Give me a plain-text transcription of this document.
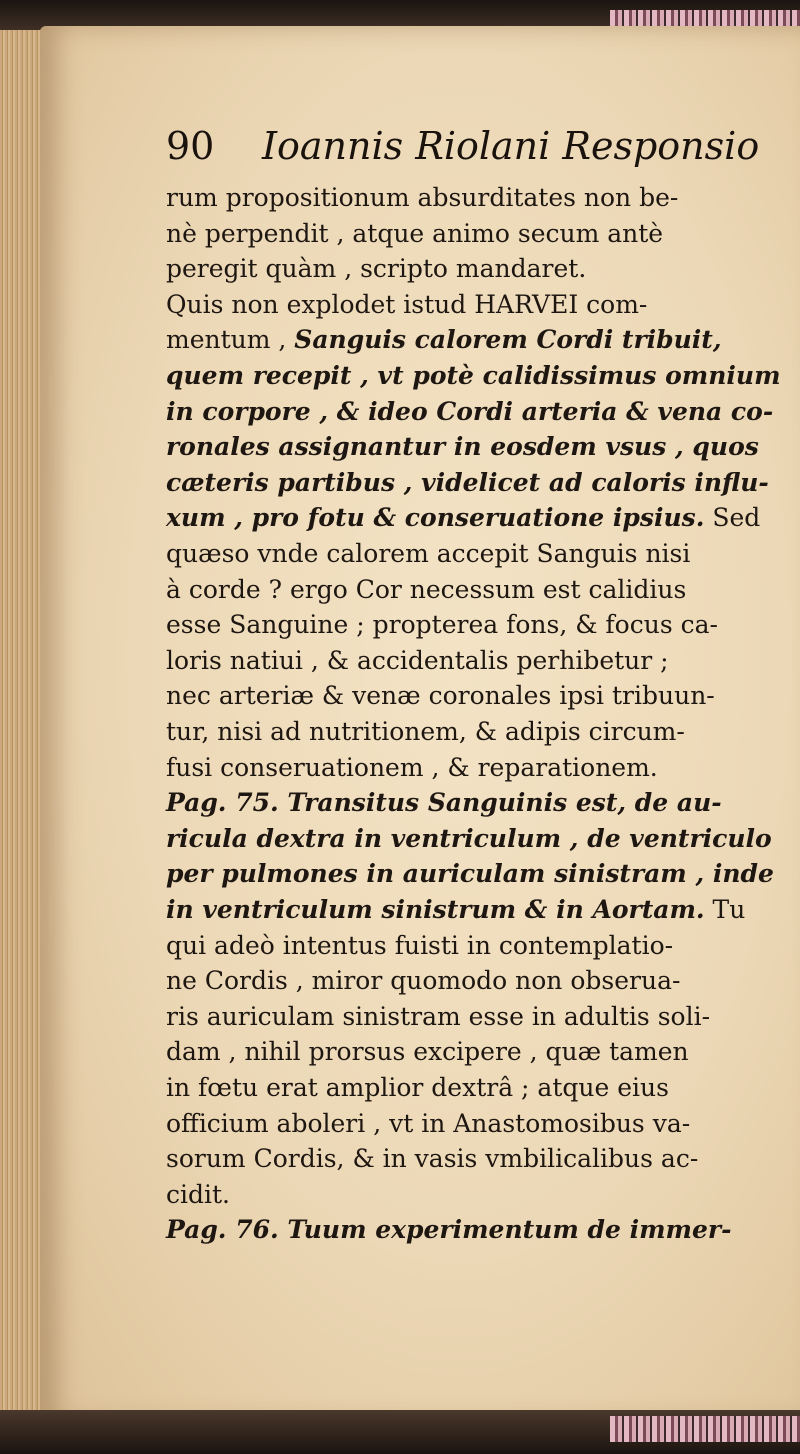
90 Ioannis Riolani Responsio
rum propositionum absurditates non be-
nè perpendit , atque animo secum antè
peregit quàm , scripto mandaret.
Quis non explodet istud HARVEI com-
mentum , Sanguis calorem Cordi tribuit,
quem recepit , vt potè calidissimus omnium
in corpore , & ideo Cordi arteria & vena co-
ronales assignantur in eosdem vsus , quos
cæteris partibus , videlicet ad caloris influ-
xum , pro fotu & conseruatione ipsius. Sed
quæso vnde calorem accepit Sanguis nisi
à corde ? ergo Cor necessum est calidius
esse Sanguine ; propterea fons, & focus ca-
loris natiui , & accidentalis perhibetur ;
nec arteriæ & venæ coronales ipsi tribuun-
tur, nisi ad nutritionem, & adipis circum-
fusi conseruationem , & reparationem.
Pag. 75. Transitus Sanguinis est, de au-
ricula dextra in ventriculum , de ventriculo
per pulmones in auriculam sinistram , inde
in ventriculum sinistrum & in Aortam. Tu
qui adeò intentus fuisti in contemplatio-
ne Cordis , miror quomodo non obserua-
ris auriculam sinistram esse in adultis soli-
dam , nihil prorsus excipere , quæ tamen
in fœtu erat amplior dextrâ ; atque eius
officium aboleri , vt in Anastomosibus va-
sorum Cordis, & in vasis vmbilicalibus ac-
cidit.
Pag. 76. Tuum experimentum de immer-
